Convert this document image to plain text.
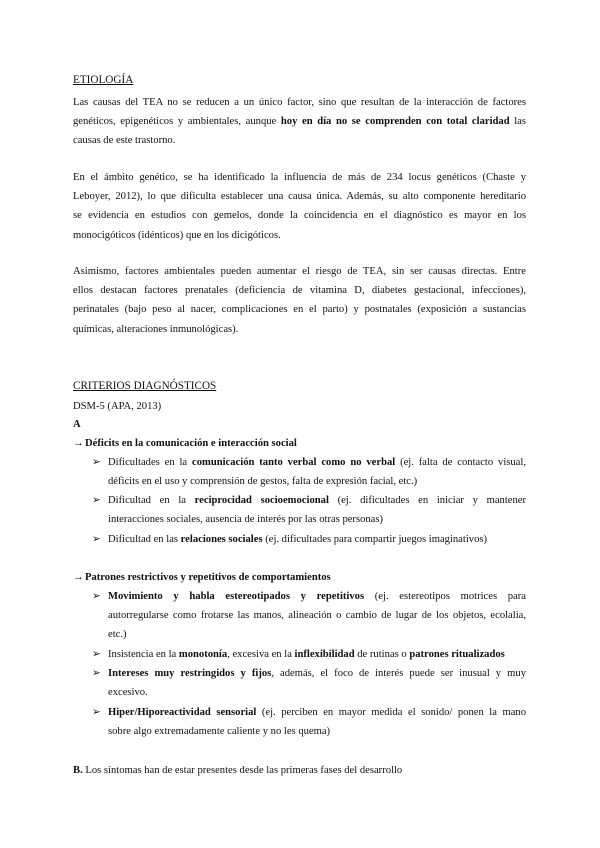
ETIOLOGÍA
Las causas del TEA no se reducen a un único factor, sino que resultan de la interacción de factores
genéticos, epigenéticos y ambientales, aunque hoy en día no se comprenden con total claridad las
causas de este trastorno.
En el ámbito genético, se ha identificado la influencia de más de 234 locus genéticos (Chaste y
Leboyer, 2012), lo que dificulta establecer una causa única. Además, su alto componente hereditario
se evidencia en estudios con gemelos, donde la coincidencia en el diagnóstico es mayor en los
monocigóticos (idénticos) que en los dicigóticos.
Asimismo, factores ambientales pueden aumentar el riesgo de TEA, sin ser causas directas. Entre
ellos destacan factores prenatales (deficiencia de vitamina D, diabetes gestacional, infecciones),
perinatales (bajo peso al nacer, complicaciones en el parto) y postnatales (exposición a sustancias
químicas, alteraciones inmunológicas).
CRITERIOS DIAGNÓSTICOS
DSM-5 (APA, 2013)
A
→Déficits en la comunicación e interacción social
➢ Dificultades en la comunicación tanto verbal como no verbal (ej. falta de contacto visual,
déficits en el uso y comprensión de gestos, falta de expresión facial, etc.)
➢ Dificultad en la reciprocidad socioemocional (ej. dificultades en iniciar y mantener
interacciones sociales, ausencia de interés por las otras personas)
➢ Dificultad en las relaciones sociales (ej. dificultades para compartir juegos imaginativos)
→Patrones restrictivos y repetitivos de comportamientos
➢ Movimiento y habla estereotipados y repetitivos (ej. estereotipos motrices para
autorregularse como frotarse las manos, alineación o cambio de lugar de los objetos, ecolalia,
etc.)
➢ Insistencia en la monotonía, excesiva en la inflexibilidad de rutinas o patrones ritualizados
➢ Intereses muy restringidos y fijos, además, el foco de interés puede ser inusual y muy
excesivo.
➢ Hiper/Hiporeactividad sensorial (ej. perciben en mayor medida el sonido/ ponen la mano
sobre algo extremadamente caliente y no les quema)
B. Los síntomas han de estar presentes desde las primeras fases del desarrollo
